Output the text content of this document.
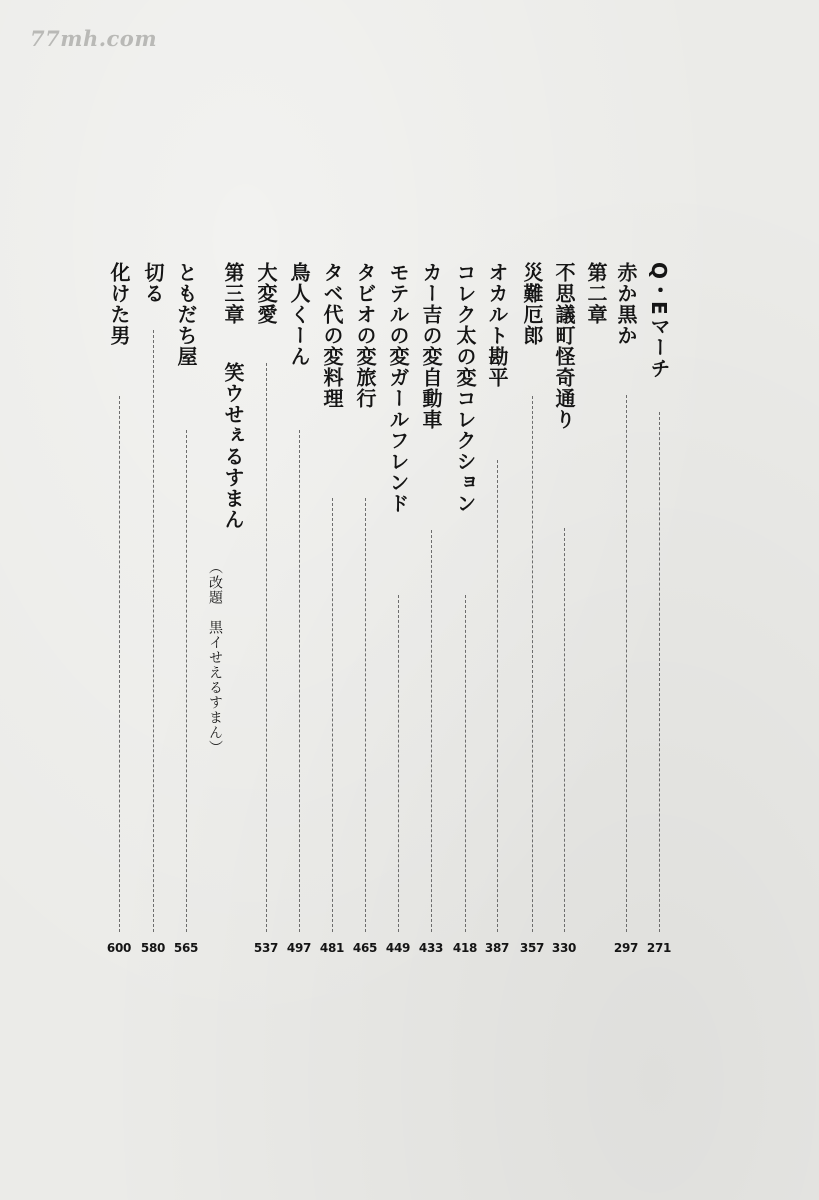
77mh.com
Q・Eマーチ
271
赤か黒か
297
第二章
不思議町怪奇通り
330
災難厄郎
357
オカルト勘平
387
コレク太の変コレクション
418
カー吉の変自動車
433
モテルの変ガールフレンド
449
タビオの変旅行
465
タベ代の変料理
481
鳥人くーん
497
大変愛
537
第三章
笑ウせぇるすまん
（改題　黒イせえるすまん）
ともだち屋
565
切る
580
化けた男
600
